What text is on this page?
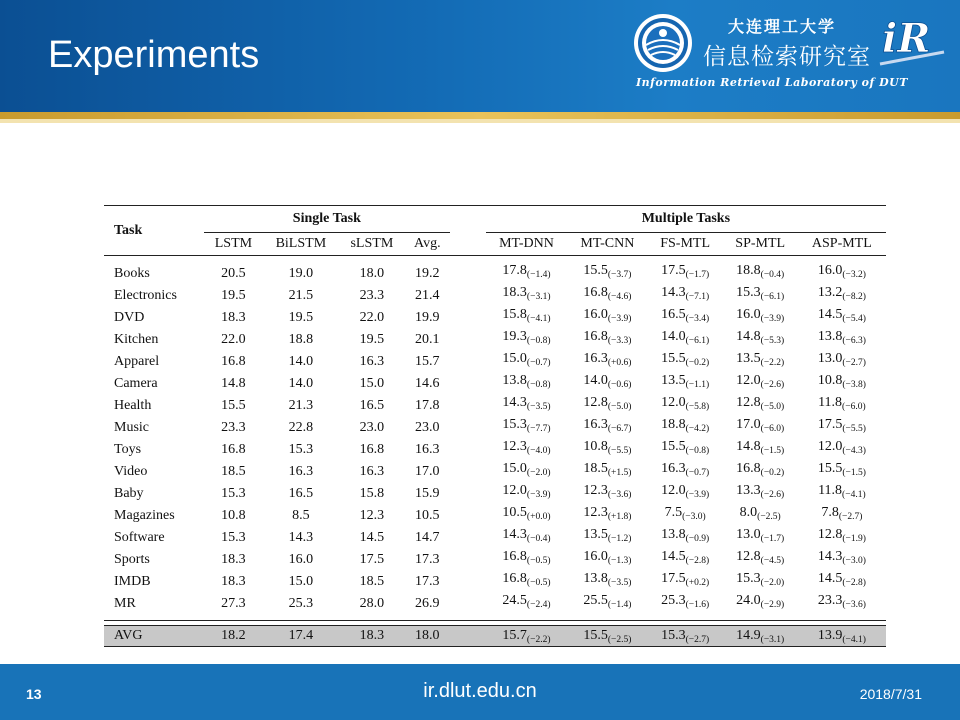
Experiments
大连理工大学
信息检索研究室
Information Retrieval Laboratory of DUT
iR
Task	Single Task					Multiple Tasks				
	LSTM	BiLSTM	sLSTM	Avg.		MT-DNN	MT-CNN	FS-MTL	SP-MTL	ASP-MTL
Books	20.5	19.0	18.0	19.2		$17.8_{(-1.4)}$	$15.5_{(-3.7)}$	$17.5_{(-1.7)}$	$18.8_{(-0.4)}$	$16.0_{(-3.2)}$
Electronics	19.5	21.5	23.3	21.4		$18.3_{(-3.1)}$	$16.8_{(-4.6)}$	$14.3_{(-7.1)}$	$15.3_{(-6.1)}$	$13.2_{(-8.2)}$
DVD	18.3	19.5	22.0	19.9		$15.8_{(-4.1)}$	$16.0_{(-3.9)}$	$16.5_{(-3.4)}$	$16.0_{(-3.9)}$	$14.5_{(-5.4)}$
Kitchen	22.0	18.8	19.5	20.1		$19.3_{(-0.8)}$	$16.8_{(-3.3)}$	$14.0_{(-6.1)}$	$14.8_{(-5.3)}$	$13.8_{(-6.3)}$
Apparel	16.8	14.0	16.3	15.7		$15.0_{(-0.7)}$	$16.3_{(+0.6)}$	$15.5_{(-0.2)}$	$13.5_{(-2.2)}$	$13.0_{(-2.7)}$
Camera	14.8	14.0	15.0	14.6		$13.8_{(-0.8)}$	$14.0_{(-0.6)}$	$13.5_{(-1.1)}$	$12.0_{(-2.6)}$	$10.8_{(-3.8)}$
Health	15.5	21.3	16.5	17.8		$14.3_{(-3.5)}$	$12.8_{(-5.0)}$	$12.0_{(-5.8)}$	$12.8_{(-5.0)}$	$11.8_{(-6.0)}$
Music	23.3	22.8	23.0	23.0		$15.3_{(-7.7)}$	$16.3_{(-6.7)}$	$18.8_{(-4.2)}$	$17.0_{(-6.0)}$	$17.5_{(-5.5)}$
Toys	16.8	15.3	16.8	16.3		$12.3_{(-4.0)}$	$10.8_{(-5.5)}$	$15.5_{(-0.8)}$	$14.8_{(-1.5)}$	$12.0_{(-4.3)}$
Video	18.5	16.3	16.3	17.0		$15.0_{(-2.0)}$	$18.5_{(+1.5)}$	$16.3_{(-0.7)}$	$16.8_{(-0.2)}$	$15.5_{(-1.5)}$
Baby	15.3	16.5	15.8	15.9		$12.0_{(-3.9)}$	$12.3_{(-3.6)}$	$12.0_{(-3.9)}$	$13.3_{(-2.6)}$	$11.8_{(-4.1)}$
Magazines	10.8	8.5	12.3	10.5		$10.5_{(+0.0)}$	$12.3_{(+1.8)}$	$7.5_{(-3.0)}$	$8.0_{(-2.5)}$	$7.8_{(-2.7)}$
Software	15.3	14.3	14.5	14.7		$14.3_{(-0.4)}$	$13.5_{(-1.2)}$	$13.8_{(-0.9)}$	$13.0_{(-1.7)}$	$12.8_{(-1.9)}$
Sports	18.3	16.0	17.5	17.3		$16.8_{(-0.5)}$	$16.0_{(-1.3)}$	$14.5_{(-2.8)}$	$12.8_{(-4.5)}$	$14.3_{(-3.0)}$
IMDB	18.3	15.0	18.5	17.3		$16.8_{(-0.5)}$	$13.8_{(-3.5)}$	$17.5_{(+0.2)}$	$15.3_{(-2.0)}$	$14.5_{(-2.8)}$
MR	27.3	25.3	28.0	26.9		$24.5_{(-2.4)}$	$25.5_{(-1.4)}$	$25.3_{(-1.6)}$	$24.0_{(-2.9)}$	$23.3_{(-3.6)}$

AVG	18.2	17.4	18.3	18.0		$15.7_{(-2.2)}$	$15.5_{(-2.5)}$	$15.3_{(-2.7)}$	$14.9_{(-3.1)}$	$13.9_{(-4.1)}$
13	ir.dlut.edu.cn	2018/7/31
